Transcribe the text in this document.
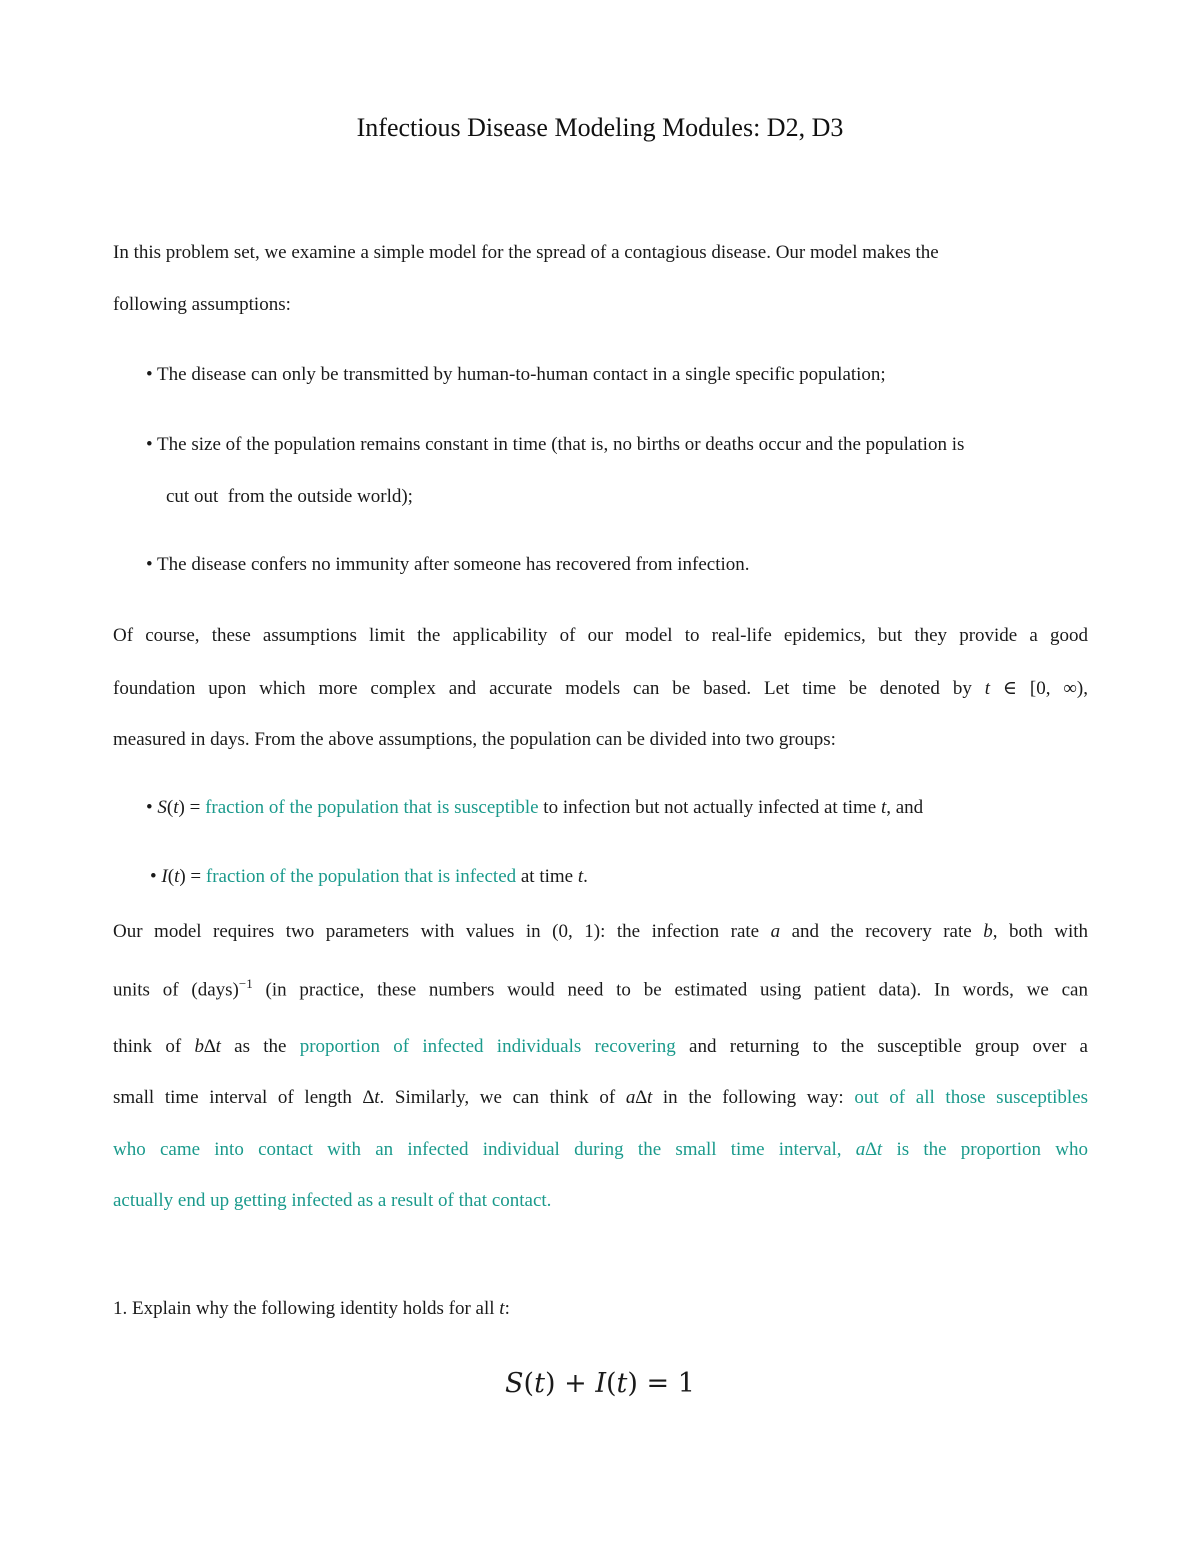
Infectious Disease Modeling Modules: D2, D3
In this problem set, we examine a simple model for the spread of a contagious disease. Our model makes the
following assumptions:
• The disease can only be transmitted by human-to-human contact in a single specific population;
• The size of the population remains constant in time (that is, no births or deaths occur and the population is
cut out  from the outside world);
• The disease confers no immunity after someone has recovered from infection.
Of course, these assumptions limit the applicability of our model to real-life epidemics, but they provide a good
foundation upon which more complex and accurate models can be based. Let time be denoted by t ∈ [0, ∞),
measured in days. From the above assumptions, the population can be divided into two groups:
• S(t) = fraction of the population that is susceptible to infection but not actually infected at time t, and
• I(t) = fraction of the population that is infected at time t.
Our model requires two parameters with values in (0, 1): the infection rate a and the recovery rate b, both with
units of (days)$^{-1}$ (in practice, these numbers would need to be estimated using patient data). In words, we can
think of b∆t as the proportion of infected individuals recovering and returning to the susceptible group over a
small time interval of length ∆t. Similarly, we can think of a∆t in the following way: out of all those susceptibles
who came into contact with an infected individual during the small time interval, a∆t is the proportion who
actually end up getting infected as a result of that contact.
1. Explain why the following identity holds for all t:
S(t) + I(t) = 1
